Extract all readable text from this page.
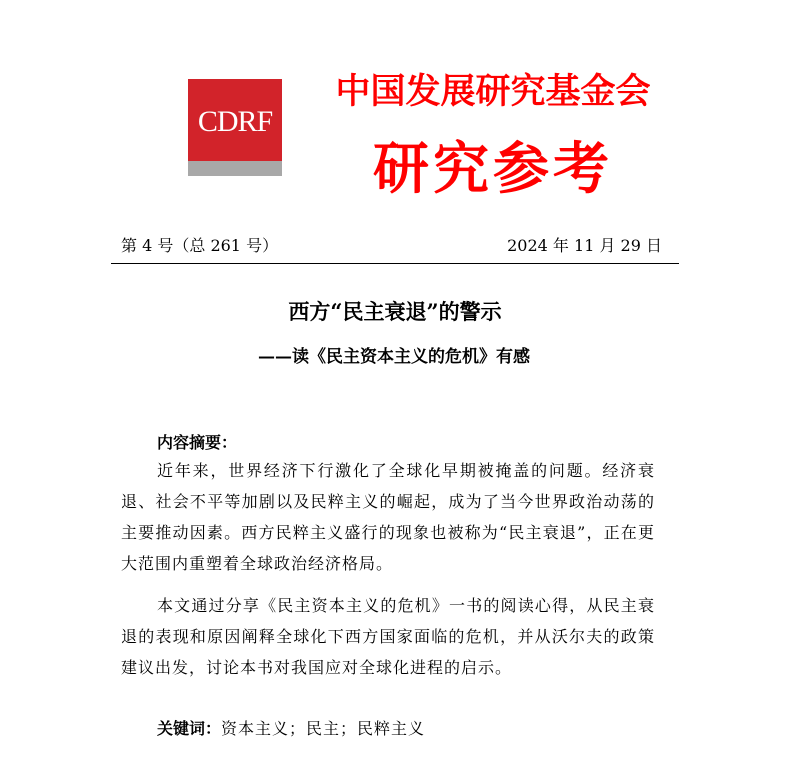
CDRF
中国发展研究基金会
研究参考
第 4 号（总 261 号）	2024 年 11 月 29 日
西方“民主衰退”的警示
——读《民主资本主义的危机》有感
内容摘要：
近年来，世界经济下行激化了全球化早期被掩盖的问题。经济衰退、社会不平等加剧以及民粹主义的崛起，成为了当今世界政治动荡的主要推动因素。西方民粹主义盛行的现象也被称为“民主衰退”，正在更大范围内重塑着全球政治经济格局。
本文通过分享《民主资本主义的危机》一书的阅读心得，从民主衰退的表现和原因阐释全球化下西方国家面临的危机，并从沃尔夫的政策建议出发，讨论本书对我国应对全球化进程的启示。
关键词：资本主义；民主；民粹主义
